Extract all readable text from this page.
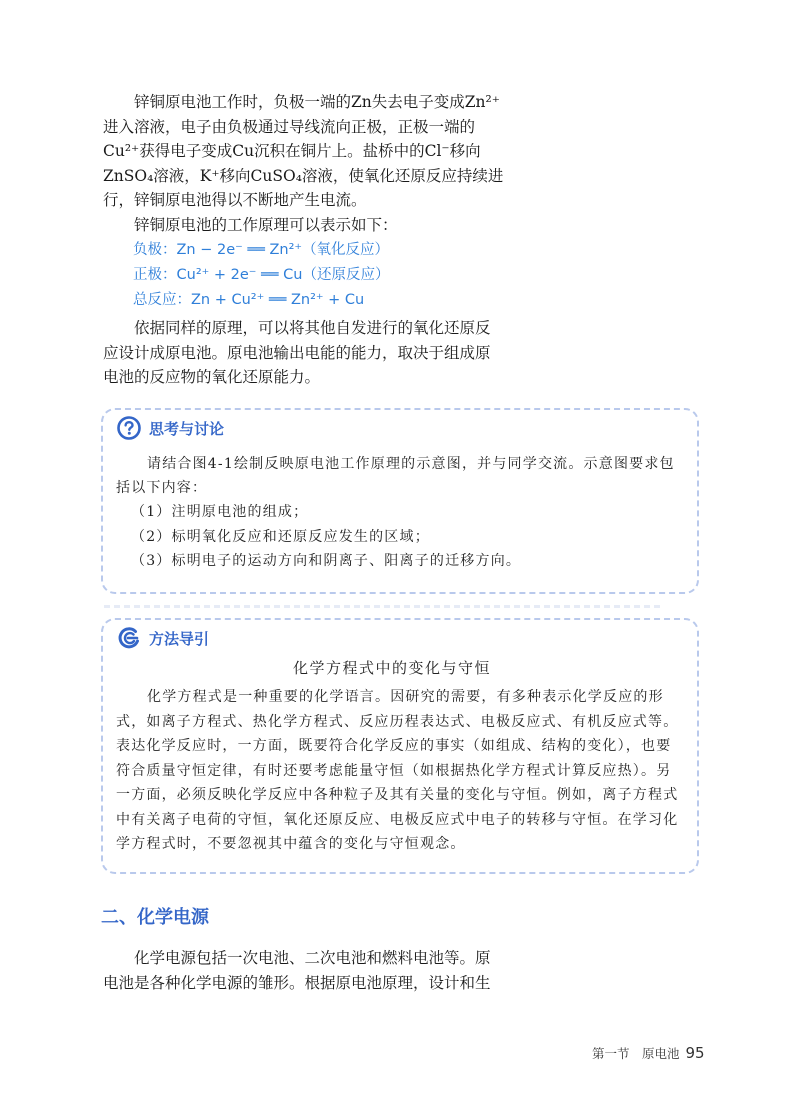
锌铜原电池工作时，负极一端的Zn失去电子变成Zn²⁺
进入溶液，电子由负极通过导线流向正极，正极一端的
Cu²⁺获得电子变成Cu沉积在铜片上。盐桥中的Cl⁻移向
ZnSO₄溶液，K⁺移向CuSO₄溶液，使氧化还原反应持续进
行，锌铜原电池得以不断地产生电流。
锌铜原电池的工作原理可以表示如下：
负极：Zn − 2e⁻ ══ Zn²⁺（氧化反应）
正极：Cu²⁺ + 2e⁻ ══ Cu（还原反应）
总反应：Zn + Cu²⁺ ══ Zn²⁺ + Cu
依据同样的原理，可以将其他自发进行的氧化还原反
应设计成原电池。原电池输出电能的能力，取决于组成原
电池的反应物的氧化还原能力。
思考与讨论
请结合图4-1绘制反映原电池工作原理的示意图，并与同学交流。示意图要求包
括以下内容：
（1）注明原电池的组成；
（2）标明氧化反应和还原反应发生的区域；
（3）标明电子的运动方向和阴离子、阳离子的迁移方向。
方法导引
化学方程式中的变化与守恒
化学方程式是一种重要的化学语言。因研究的需要，有多种表示化学反应的形
式，如离子方程式、热化学方程式、反应历程表达式、电极反应式、有机反应式等。
表达化学反应时，一方面，既要符合化学反应的事实（如组成、结构的变化），也要
符合质量守恒定律，有时还要考虑能量守恒（如根据热化学方程式计算反应热）。另
一方面，必须反映化学反应中各种粒子及其有关量的变化与守恒。例如，离子方程式
中有关离子电荷的守恒，氧化还原反应、电极反应式中电子的转移与守恒。在学习化
学方程式时，不要忽视其中蕴含的变化与守恒观念。
二、化学电源
化学电源包括一次电池、二次电池和燃料电池等。原
电池是各种化学电源的雏形。根据原电池原理，设计和生
第一节　原电池 95
